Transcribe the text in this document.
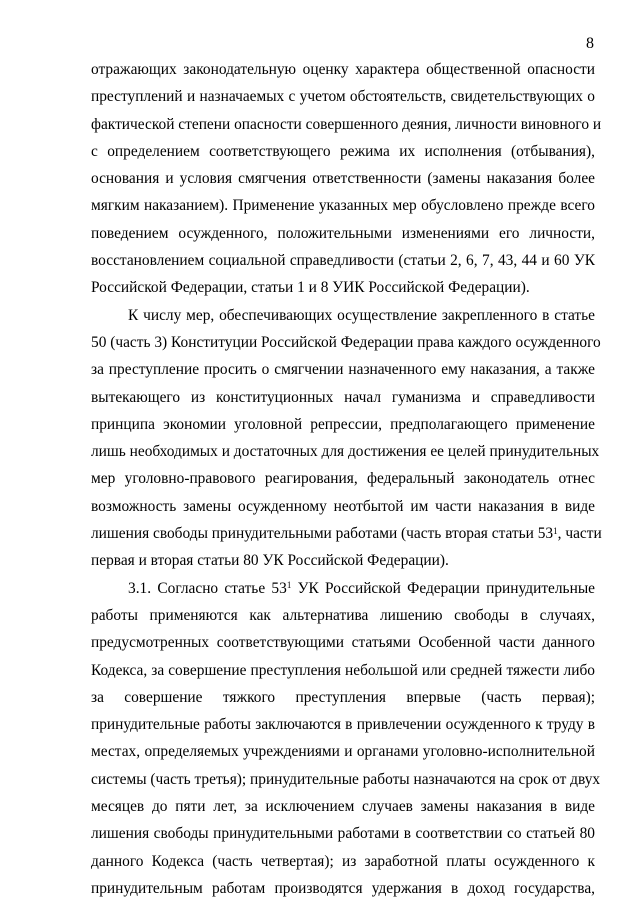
8
отражающих законодательную оценку характера общественной опасности
преступлений и назначаемых с учетом обстоятельств, свидетельствующих о
фактической степени опасности совершенного деяния, личности виновного и
с определением соответствующего режима их исполнения (отбывания),
основания и условия смягчения ответственности (замены наказания более
мягким наказанием). Применение указанных мер обусловлено прежде всего
поведением осужденного, положительными изменениями его личности,
восстановлением социальной справедливости (статьи 2, 6, 7, 43, 44 и 60 УК
Российской Федерации, статьи 1 и 8 УИК Российской Федерации).
К числу мер, обеспечивающих осуществление закрепленного в статье
50 (часть 3) Конституции Российской Федерации права каждого осужденного
за преступление просить о смягчении назначенного ему наказания, а также
вытекающего из конституционных начал гуманизма и справедливости
принципа экономии уголовной репрессии, предполагающего применение
лишь необходимых и достаточных для достижения ее целей принудительных
мер уголовно-правового реагирования, федеральный законодатель отнес
возможность замены осужденному неотбытой им части наказания в виде
лишения свободы принудительными работами (часть вторая статьи $53^1$, части
первая и вторая статьи 80 УК Российской Федерации).
3.1. Согласно статье $53^1$ УК Российской Федерации принудительные
работы применяются как альтернатива лишению свободы в случаях,
предусмотренных соответствующими статьями Особенной части данного
Кодекса, за совершение преступления небольшой или средней тяжести либо
за совершение тяжкого преступления впервые (часть первая);
принудительные работы заключаются в привлечении осужденного к труду в
местах, определяемых учреждениями и органами уголовно-исполнительной
системы (часть третья); принудительные работы назначаются на срок от двух
месяцев до пяти лет, за исключением случаев замены наказания в виде
лишения свободы принудительными работами в соответствии со статьей 80
данного Кодекса (часть четвертая); из заработной платы осужденного к
принудительным работам производятся удержания в доход государства,
